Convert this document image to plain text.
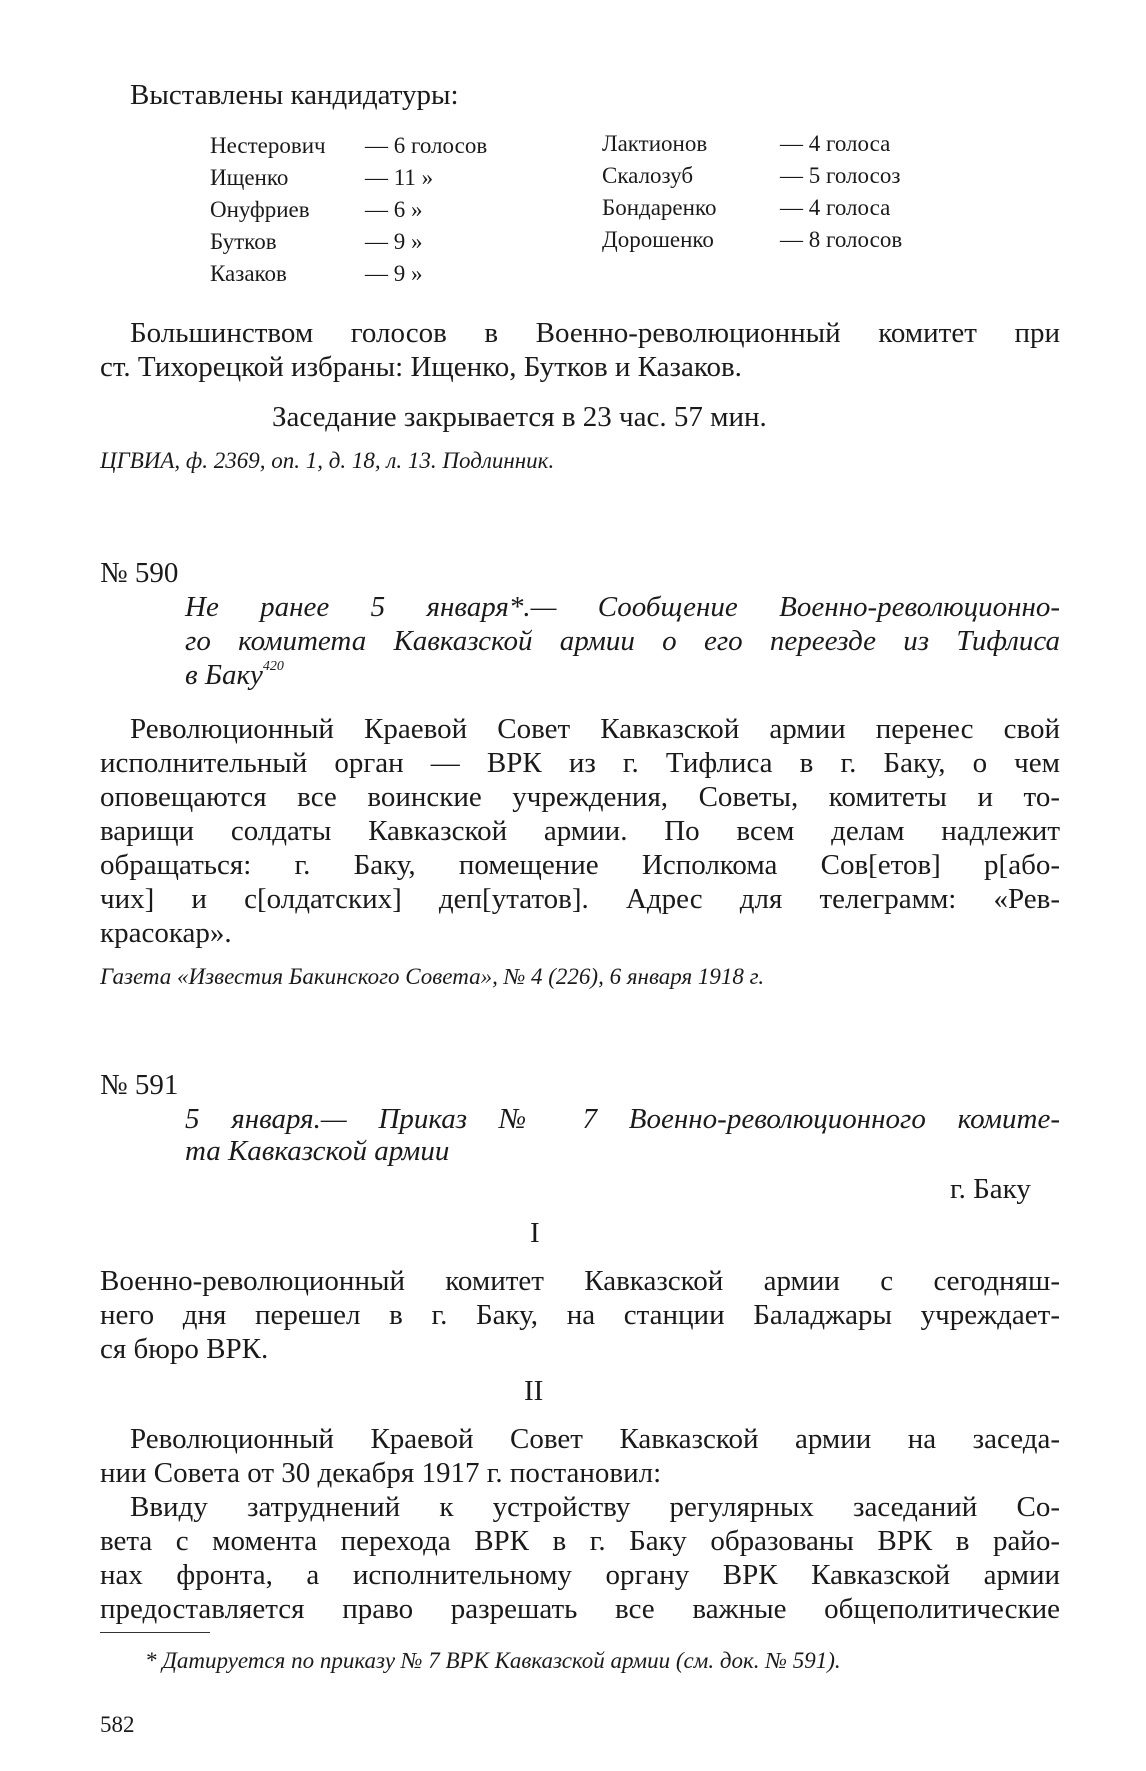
Выставлены кандидатуры:
Нестерович — 6 голосов
Ищенко	— 11 »
Онуфриев — 6 »
Бутков	— 9 »
Казаков	— 9 »
Лактионов	— 4 голоса
Скалозуб	— 5 голосоз
Бондаренко	— 4 голоса
Дорошенко	— 8 голосов
Большинством голосов в Военно-революционный комитет при
ст. Тихорецкой избраны: Ищенко, Бутков и Казаков.
Заседание закрывается в 23 час. 57 мин.
ЦГВИА, ф. 2369, оп. 1, д. 18, л. 13. Подлинник.
№ 590
Не ранее 5 января*.— Сообщение Военно-революционно-
го комитета Кавказской армии о его переезде из Тифлиса
в Баку$^{420}$
Революционный Краевой Совет Кавказской армии перенес свой
исполнительный орган — ВРК из г. Тифлиса в г. Баку, о чем
оповещаются все воинские учреждения, Советы, комитеты и то-
варищи солдаты Кавказской армии. По всем делам надлежит
обращаться: г. Баку, помещение Исполкома Сов[етов] р[або-
чих] и с[олдатских] деп[утатов]. Адрес для телеграмм: «Рев-
красокар».
Газета «Известия Бакинского Совета», № 4 (226), 6 января 1918 г.
№ 591
5 января.— Приказ № 7 Военно-революционного комите-
та Кавказской армии
г. Баку
I
Военно-революционный комитет Кавказской армии с сегодняш-
него дня перешел в г. Баку, на станции Баладжары учреждает-
ся бюро ВРК.
II
Революционный Краевой Совет Кавказской армии на заседа-
нии Совета от 30 декабря 1917 г. постановил:
Ввиду затруднений к устройству регулярных заседаний Со-
вета с момента перехода ВРК в г. Баку образованы ВРК в райо-
нах фронта, а исполнительному органу ВРК Кавказской армии
предоставляется право разрешать все важные общеполитические
* Датируется по приказу № 7 ВРК Кавказской армии (см. док. № 591).
582
